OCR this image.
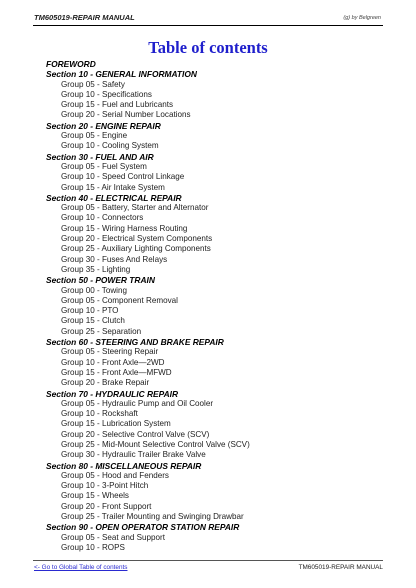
TM605019-REPAIR MANUAL	(g) by Belgreen
Table of contents
FOREWORD
Section 10 - GENERAL INFORMATION
Group 05 - Safety
Group 10 - Specifications
Group 15 - Fuel and Lubricants
Group 20 - Serial Number Locations
Section 20 - ENGINE REPAIR
Group 05 - Engine
Group 10 - Cooling System
Section 30 - FUEL AND AIR
Group 05 - Fuel System
Group 10 - Speed Control Linkage
Group 15 - Air Intake System
Section 40 - ELECTRICAL REPAIR
Group 05 - Battery, Starter and Alternator
Group 10 - Connectors
Group 15 - Wiring Harness Routing
Group 20 - Electrical System Components
Group 25 - Auxiliary Lighting Components
Group 30 - Fuses And Relays
Group 35 - Lighting
Section 50 - POWER TRAIN
Group 00 - Towing
Group 05 - Component Removal
Group 10 - PTO
Group 15 - Clutch
Group 25 - Separation
Section 60 - STEERING AND BRAKE REPAIR
Group 05 - Steering Repair
Group 10 - Front Axle—2WD
Group 15 - Front Axle—MFWD
Group 20 - Brake Repair
Section 70 - HYDRAULIC REPAIR
Group 05 - Hydraulic Pump and Oil Cooler
Group 10 - Rockshaft
Group 15 - Lubrication System
Group 20 - Selective Control Valve (SCV)
Group 25 - Mid-Mount Selective Control Valve (SCV)
Group 30 - Hydraulic Trailer Brake Valve
Section 80 - MISCELLANEOUS REPAIR
Group 05 - Hood and Fenders
Group 10 - 3-Point Hitch
Group 15 - Wheels
Group 20 - Front Support
Group 25 - Trailer Mounting and Swinging Drawbar
Section 90 - OPEN OPERATOR STATION REPAIR
Group 05 - Seat and Support
Group 10 - ROPS
<- Go to Global Table of contents	TM605019-REPAIR MANUAL
